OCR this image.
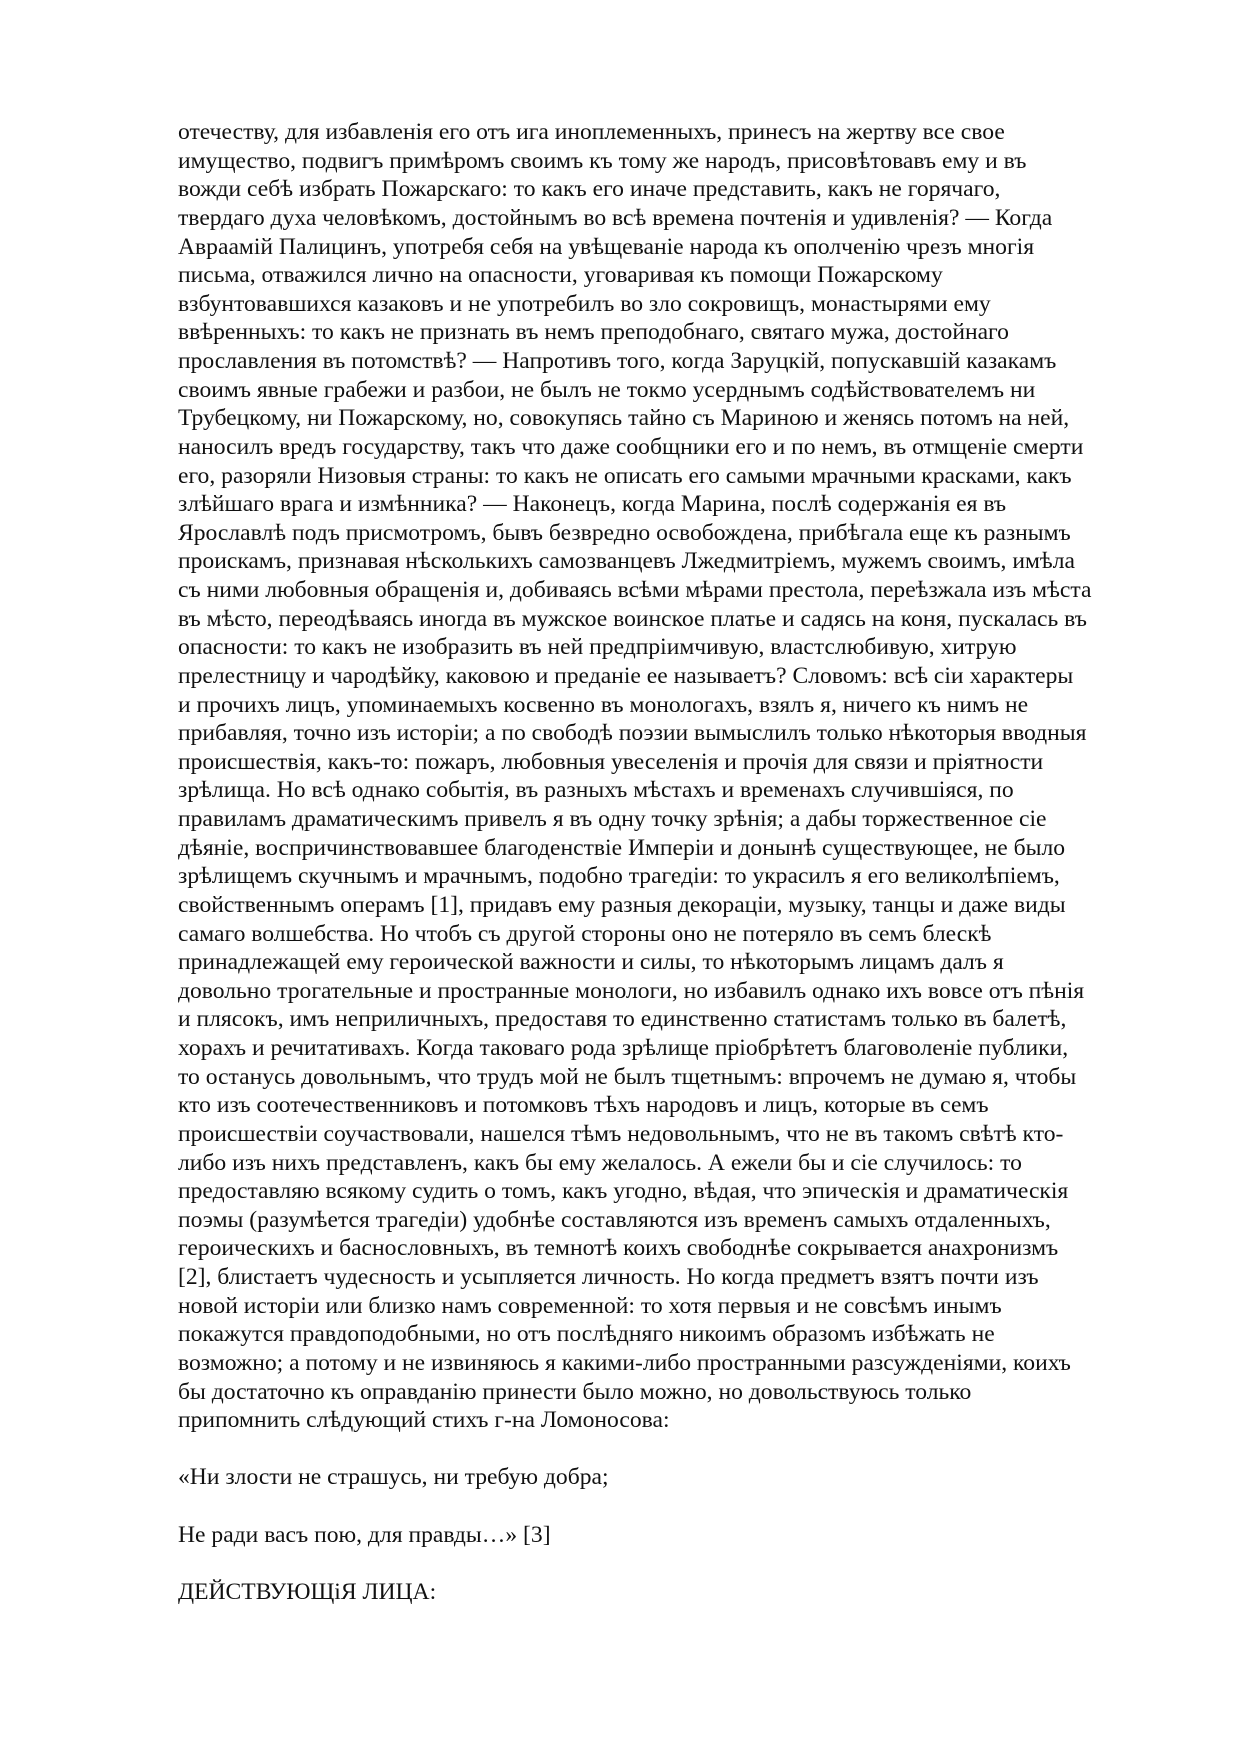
отечеству, для избавленія его отъ ига иноплеменныхъ, принесъ на жертву все свое
имущество, подвигъ примѣромъ своимъ къ тому же народъ, присовѣтовавъ ему и въ
вожди себѣ избрать Пожарскаго: то какъ его иначе представить, какъ не горячаго,
твердаго духа человѣкомъ, достойнымъ во всѣ времена почтенія и удивленія? — Когда
Авраамій Палицинъ, употребя себя на увѣщеваніе народа къ ополченію чрезъ многія
письма, отважился лично на опасности, уговаривая къ помощи Пожарскому
взбунтовавшихся казаковъ и не употребилъ во зло сокровищъ, монастырями ему
ввѣренныхъ: то какъ не признать въ немъ преподобнаго, святаго мужа, достойнаго
прославления въ потомствѣ? — Напротивъ того, когда Заруцкій, попускавшій казакамъ
своимъ явные грабежи и разбои, не былъ не токмо усерднымъ содѣйствователемъ ни
Трубецкому, ни Пожарскому, но, совокупясь тайно съ Мариною и женясь потомъ на ней,
наносилъ вредъ государству, такъ что даже сообщники его и по немъ, въ отмщеніе смерти
его, разоряли Низовыя страны: то какъ не описать его самыми мрачными красками, какъ
злѣйшаго врага и измѣнника? — Наконецъ, когда Марина, послѣ содержанія ея въ
Ярославлѣ подъ присмотромъ, бывъ безвредно освобождена, прибѣгала еще къ разнымъ
проискамъ, признавая нѣсколькихъ самозванцевъ Лжедмитріемъ, мужемъ своимъ, имѣла
съ ними любовныя обращенія и, добиваясь всѣми мѣрами престола, переѣзжала изъ мѣста
въ мѣсто, переодѣваясь иногда въ мужское воинское платье и садясь на коня, пускалась въ
опасности: то какъ не изобразить въ ней предпріимчивую, властслюбивую, хитрую
прелестницу и чародѣйку, каковою и преданіе ее называетъ? Словомъ: всѣ сіи характеры
и прочихъ лицъ, упоминаемыхъ косвенно въ монологахъ, взялъ я, ничего къ нимъ не
прибавляя, точно изъ исторіи; а по свободѣ поэзии вымыслилъ только нѣкоторыя вводныя
происшествія, какъ-то: пожаръ, любовныя увеселенія и прочія для связи и пріятности
зрѣлища. Но всѣ однако событія, въ разныхъ мѣстахъ и временахъ случившіяся, по
правиламъ драматическимъ привелъ я въ одну точку зрѣнія; а дабы торжественное сіе
дѣяніе, воспричинствовавшее благоденствіе Имперіи и донынѣ существующее, не было
зрѣлищемъ скучнымъ и мрачнымъ, подобно трагедіи: то украсилъ я его великолѣпіемъ,
свойственнымъ операмъ [1], придавъ ему разныя декораціи, музыку, танцы и даже виды
самаго волшебства. Но чтобъ съ другой стороны оно не потеряло въ семъ блескѣ
принадлежащей ему героической важности и силы, то нѣкоторымъ лицамъ далъ я
довольно трогательные и пространные монологи, но избавилъ однако ихъ вовсе отъ пѣнія
и плясокъ, имъ неприличныхъ, предоставя то единственно статистамъ только въ балетѣ,
хорахъ и речитативахъ. Когда таковаго рода зрѣлище пріобрѣтетъ благоволеніе публики,
то останусь довольнымъ, что трудъ мой не былъ тщетнымъ: впрочемъ не думаю я, чтобы
кто изъ соотечественниковъ и потомковъ тѣхъ народовъ и лицъ, которые въ семъ
происшествіи соучаствовали, нашелся тѣмъ недовольнымъ, что не въ такомъ свѣтѣ кто-
либо изъ нихъ представленъ, какъ бы ему желалось. А ежели бы и сіе случилось: то
предоставляю всякому судить о томъ, какъ угодно, вѣдая, что эпическія и драматическія
поэмы (разумѣется трагедіи) удобнѣе составляются изъ временъ самыхъ отдаленныхъ,
героическихъ и баснословныхъ, въ темнотѣ коихъ свободнѣе сокрывается анахронизмъ
[2], блистаетъ чудесность и усыпляется личность. Но когда предметъ взятъ почти изъ
новой исторіи или близко намъ современной: то хотя первыя и не совсѣмъ инымъ
покажутся правдоподобными, но отъ послѣдняго никоимъ образомъ избѣжать не
возможно; а потому и не извиняюсь я какими-либо пространными разсужденіями, коихъ
бы достаточно къ оправданію принести было можно, но довольствуюсь только
припомнить слѣдующий стихъ г-на Ломоносова:
«Ни злости не страшусь, ни требую добра;
Не ради васъ пою, для правды…» [3]
ДЕЙСТВУЮЩіЯ ЛИЦА:
